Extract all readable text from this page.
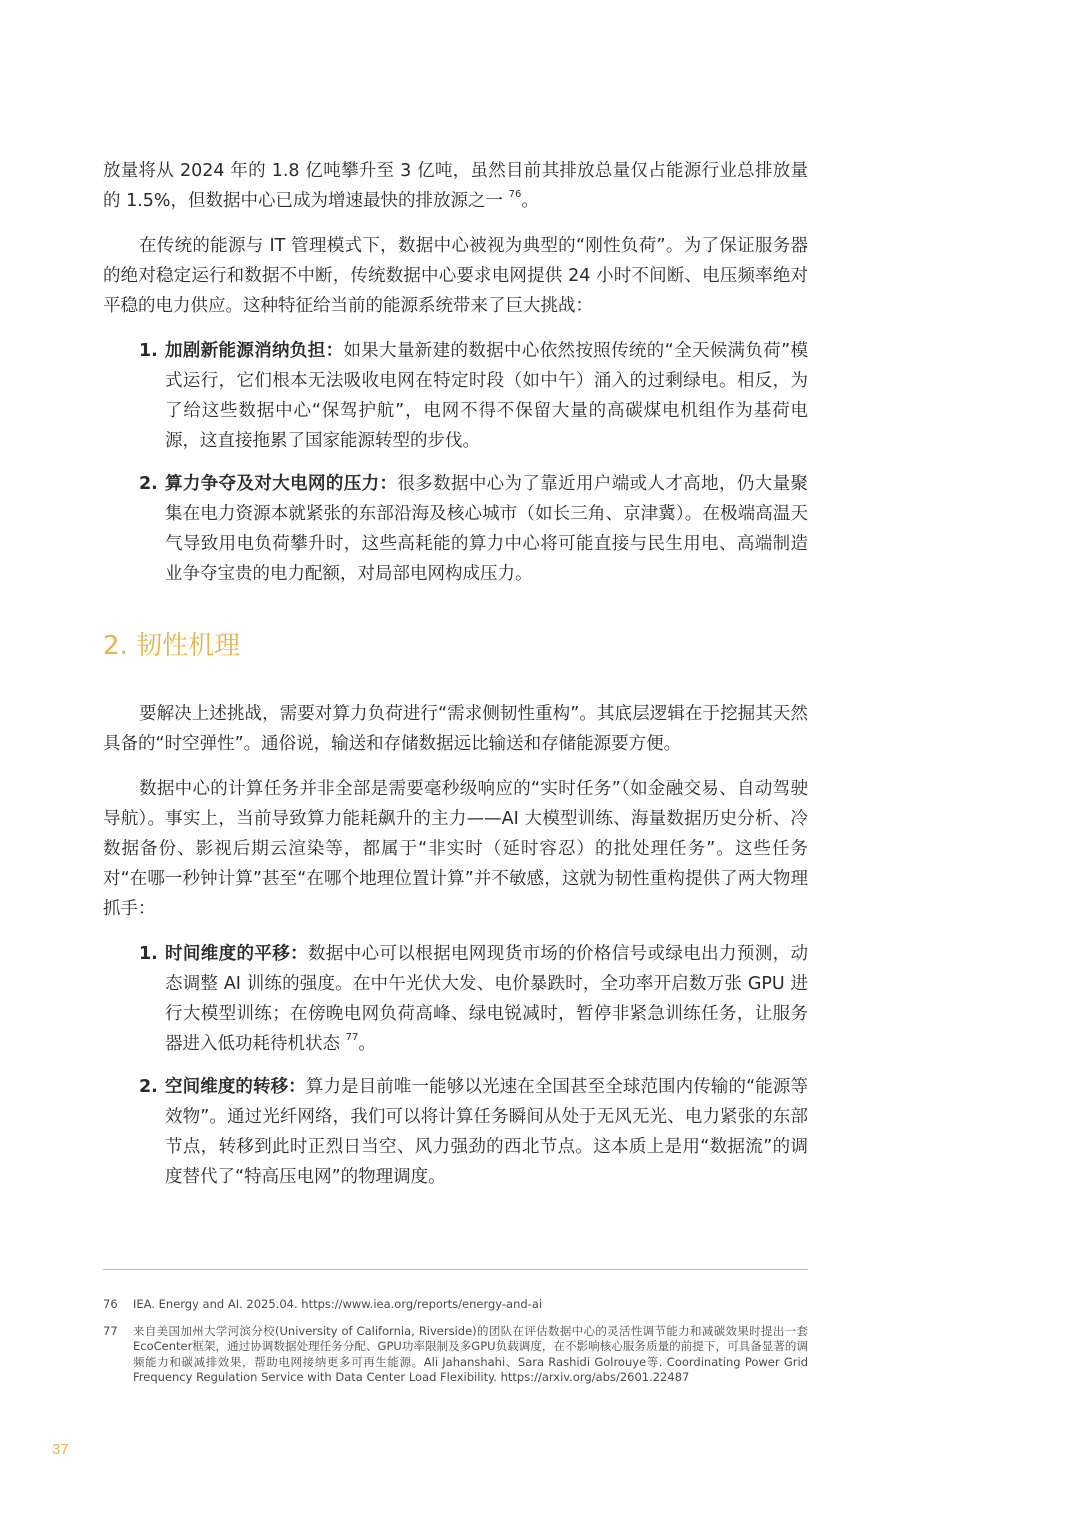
放量将从 2024 年的 1.8 亿吨攀升至 3 亿吨，虽然目前其排放总量仅占能源行业总排放量的 1.5%，但数据中心已成为增速最快的排放源之一 $^{76}$。

在传统的能源与 IT 管理模式下，数据中心被视为典型的“刚性负荷”。为了保证服务器的绝对稳定运行和数据不中断，传统数据中心要求电网提供 24 小时不间断、电压频率绝对平稳的电力供应。这种特征给当前的能源系统带来了巨大挑战：

1. 加剧新能源消纳负担：如果大量新建的数据中心依然按照传统的“全天候满负荷”模式运行，它们根本无法吸收电网在特定时段（如中午）涌入的过剩绿电。相反，为了给这些数据中心“保驾护航”，电网不得不保留大量的高碳煤电机组作为基荷电源，这直接拖累了国家能源转型的步伐。
2. 算力争夺及对大电网的压力：很多数据中心为了靠近用户端或人才高地，仍大量聚集在电力资源本就紧张的东部沿海及核心城市（如长三角、京津冀）。在极端高温天气导致用电负荷攀升时，这些高耗能的算力中心将可能直接与民生用电、高端制造业争夺宝贵的电力配额，对局部电网构成压力。
2. 韧性机理

要解决上述挑战，需要对算力负荷进行“需求侧韧性重构”。其底层逻辑在于挖掘其天然具备的“时空弹性”。通俗说，输送和存储数据远比输送和存储能源要方便。

数据中心的计算任务并非全部是需要毫秒级响应的“实时任务”（如金融交易、自动驾驶导航）。事实上，当前导致算力能耗飙升的主力——AI 大模型训练、海量数据历史分析、冷数据备份、影视后期云渲染等，都属于“非实时（延时容忍）的批处理任务”。这些任务对“在哪一秒钟计算”甚至“在哪个地理位置计算”并不敏感，这就为韧性重构提供了两大物理抓手：

1. 时间维度的平移：数据中心可以根据电网现货市场的价格信号或绿电出力预测，动态调整 AI 训练的强度。在中午光伏大发、电价暴跌时，全功率开启数万张 GPU 进行大模型训练；在傍晚电网负荷高峰、绿电锐减时，暂停非紧急训练任务，让服务器进入低功耗待机状态 $^{77}$。
2. 空间维度的转移：算力是目前唯一能够以光速在全国甚至全球范围内传输的“能源等效物”。通过光纤网络，我们可以将计算任务瞬间从处于无风无光、电力紧张的东部节点，转移到此时正烈日当空、风力强劲的西北节点。这本质上是用“数据流”的调度替代了“特高压电网”的物理调度。
76 IEA. Energy and AI. 2025.04. https://www.iea.org/reports/energy-and-ai
77 来自美国加州大学河滨分校(University of California, Riverside)的团队在评估数据中心的灵活性调节能力和减碳效果时提出一套EcoCenter框架，通过协调数据处理任务分配、GPU功率限制及多GPU负载调度，在不影响核心服务质量的前提下，可具备显著的调频能力和碳减排效果，帮助电网接纳更多可再生能源。Ali Jahanshahi、Sara Rashidi Golrouye等. Coordinating Power Grid Frequency Regulation Service with Data Center Load Flexibility. https://arxiv.org/abs/2601.22487
37
